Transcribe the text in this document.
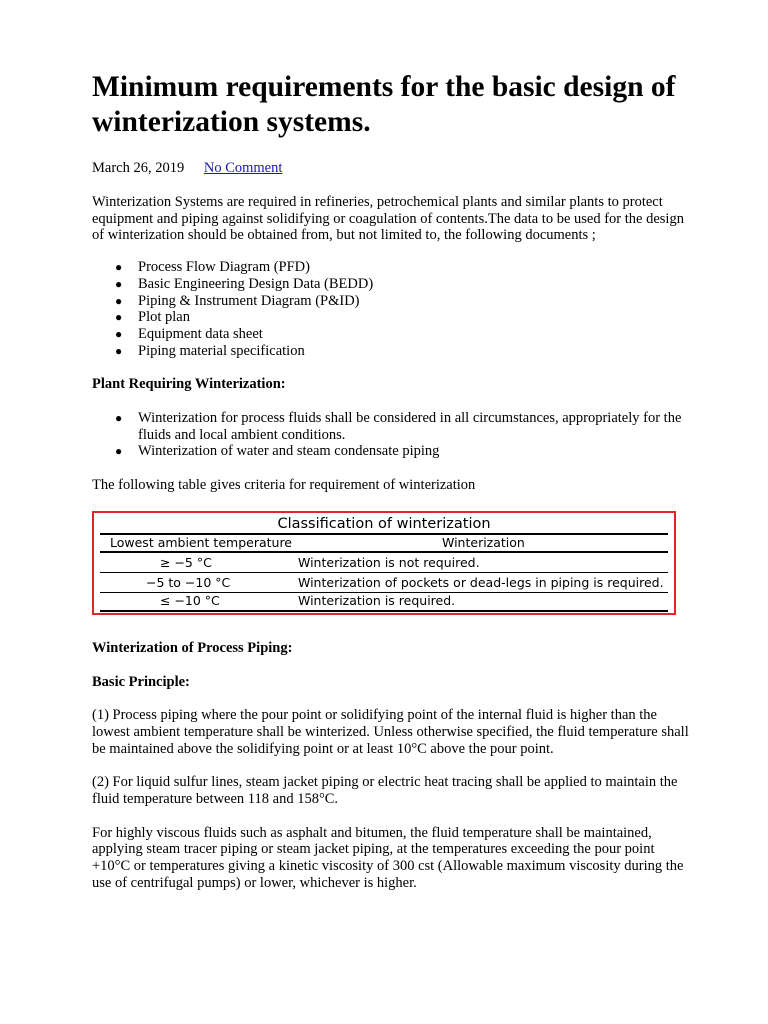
Minimum requirements for the basic design of winterization systems.
March 26, 2019 No Comment

Winterization Systems are required in refineries, petrochemical plants and similar plants to protect equipment and piping against solidifying or coagulation of contents.The data to be used for the design of winterization should be obtained from, but not limited to, the following documents ;

● Process Flow Diagram (PFD)
● Basic Engineering Design Data (BEDD)
● Piping & Instrument Diagram (P&ID)
● Plot plan
● Equipment data sheet
● Piping material specification

Plant Requiring Winterization:

● Winterization for process fluids shall be considered in all circumstances, appropriately for the fluids and local ambient conditions.
● Winterization of water and steam condensate piping

The following table gives criteria for requirement of winterization

Classification of winterization
Lowest ambient temperature	Winterization
≥ −5 °C	Winterization is not required.
−5 to −10 °C	Winterization of pockets or dead-legs in piping is required.
≤ −10 °C	Winterization is required.

Winterization of Process Piping:

Basic Principle:

(1) Process piping where the pour point or solidifying point of the internal fluid is higher than the lowest ambient temperature shall be winterized. Unless otherwise specified, the fluid temperature shall be maintained above the solidifying point or at least 10°C above the pour point.

(2) For liquid sulfur lines, steam jacket piping or electric heat tracing shall be applied to maintain the fluid temperature between 118 and 158°C.

For highly viscous fluids such as asphalt and bitumen, the fluid temperature shall be maintained, applying steam tracer piping or steam jacket piping, at the temperatures exceeding the pour point +10°C or temperatures giving a kinetic viscosity of 300 cst (Allowable maximum viscosity during the use of centrifugal pumps) or lower, whichever is higher.
